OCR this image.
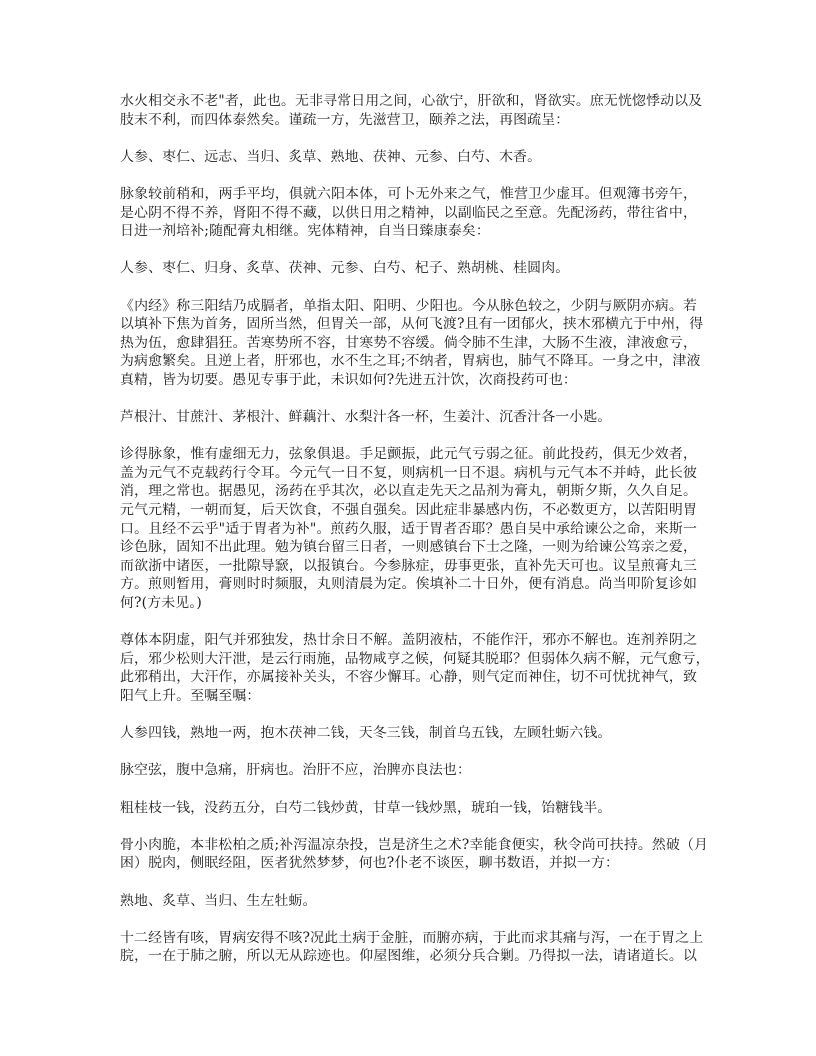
水火相交永不老"者，此也。无非寻常日用之间，心欲宁，肝欲和，肾欲实。庶无恍惚悸动以及
肢末不利，而四体泰然矣。谨疏一方，先滋营卫，颐养之法，再图疏呈：
人参、枣仁、远志、当归、炙草、熟地、茯神、元参、白芍、木香。
脉象较前稍和，两手平均，俱就六阳本体，可卜无外来之气，惟营卫少虚耳。但观簿书旁午，
是心阴不得不养，肾阳不得不藏，以供日用之精神，以副临民之至意。先配汤药，带往省中，
日进一剂培补;随配膏丸相继。宪体精神，自当日臻康泰矣：
人参、枣仁、归身、炙草、茯神、元参、白芍、杞子、熟胡桃、桂圆肉。
《内经》称三阳结乃成膈者，单指太阳、阳明、少阳也。今从脉色较之，少阴与厥阴亦病。若
以填补下焦为首务，固所当然，但胃关一部，从何飞渡?且有一团郁火，挟木邪横亢于中州，得
热为伍，愈肆猖狂。苦寒势所不容，甘寒势不容缓。倘令肺不生津，大肠不生液，津液愈亏，
为病愈繁矣。且逆上者，肝邪也，水不生之耳;不纳者，胃病也，肺气不降耳。一身之中，津液
真精，皆为切要。愚见专事于此，未识如何?先进五汁饮，次商投药可也：
芦根汁、甘蔗汁、茅根汁、鲜藕汁、水梨汁各一杯，生姜汁、沉香汁各一小匙。
诊得脉象，惟有虚细无力，弦象俱退。手足颤振，此元气亏弱之征。前此投药，俱无少效者，
盖为元气不克载药行令耳。今元气一日不复，则病机一日不退。病机与元气本不并峙，此长彼
消，理之常也。据愚见，汤药在乎其次，必以直走先天之品剂为膏丸，朝斯夕斯，久久自足。
元气元精，一朝而复，后天饮食，不强自强矣。因此症非暴感内伤，不必数更方，以苦阳明胃
口。且经不云乎"适于胃者为补"。煎药久服，适于胃者否耶？愚自吴中承给谏公之命，来斯一
诊色脉，固知不出此理。勉为镇台留三日者，一则感镇台下士之隆，一则为给谏公笃亲之爱，
而欲浙中诸医，一批隙导窾，以报镇台。今参脉症，毋事更张，直补先天可也。议呈煎膏丸三
方。煎则暂用，膏则时时频服，丸则清晨为定。俟填补二十日外，便有消息。尚当叩阶复诊如
何?(方未见。)
尊体本阴虚，阳气并邪独发，热廿余日不解。盖阴液枯，不能作汗，邪亦不解也。连剂养阴之
后，邪少松则大汗泄，是云行雨施，品物咸亨之候，何疑其脱耶？但弱体久病不解，元气愈亏，
此邪稍出，大汗作，亦属接补关头，不容少懈耳。心静，则气定而神住，切不可忧扰神气，致
阳气上升。至嘱至嘱：
人参四钱，熟地一两，抱木茯神二钱，天冬三钱，制首乌五钱，左顾牡蛎六钱。
脉空弦，腹中急痛，肝病也。治肝不应，治脾亦良法也：
粗桂枝一钱，没药五分，白芍二钱炒黄，甘草一钱炒黑，琥珀一钱，饴糖钱半。
骨小肉脆，本非松柏之质;补泻温凉杂投，岂是济生之术?幸能食便实，秋令尚可扶持。然破（月
困）脱肉，侧眠经阻，医者犹然梦梦，何也?仆老不谈医，聊书数语，并拟一方：
熟地、炙草、当归、生左牡蛎。
十二经皆有咳，胃病安得不咳?况此土病于金脏，而腑亦病，于此而求其痛与泻，一在于胃之上
脘，一在于肺之腑，所以无从踪迹也。仰屋图维，必须分兵合剿。乃得拟一法，请诸道长。以
